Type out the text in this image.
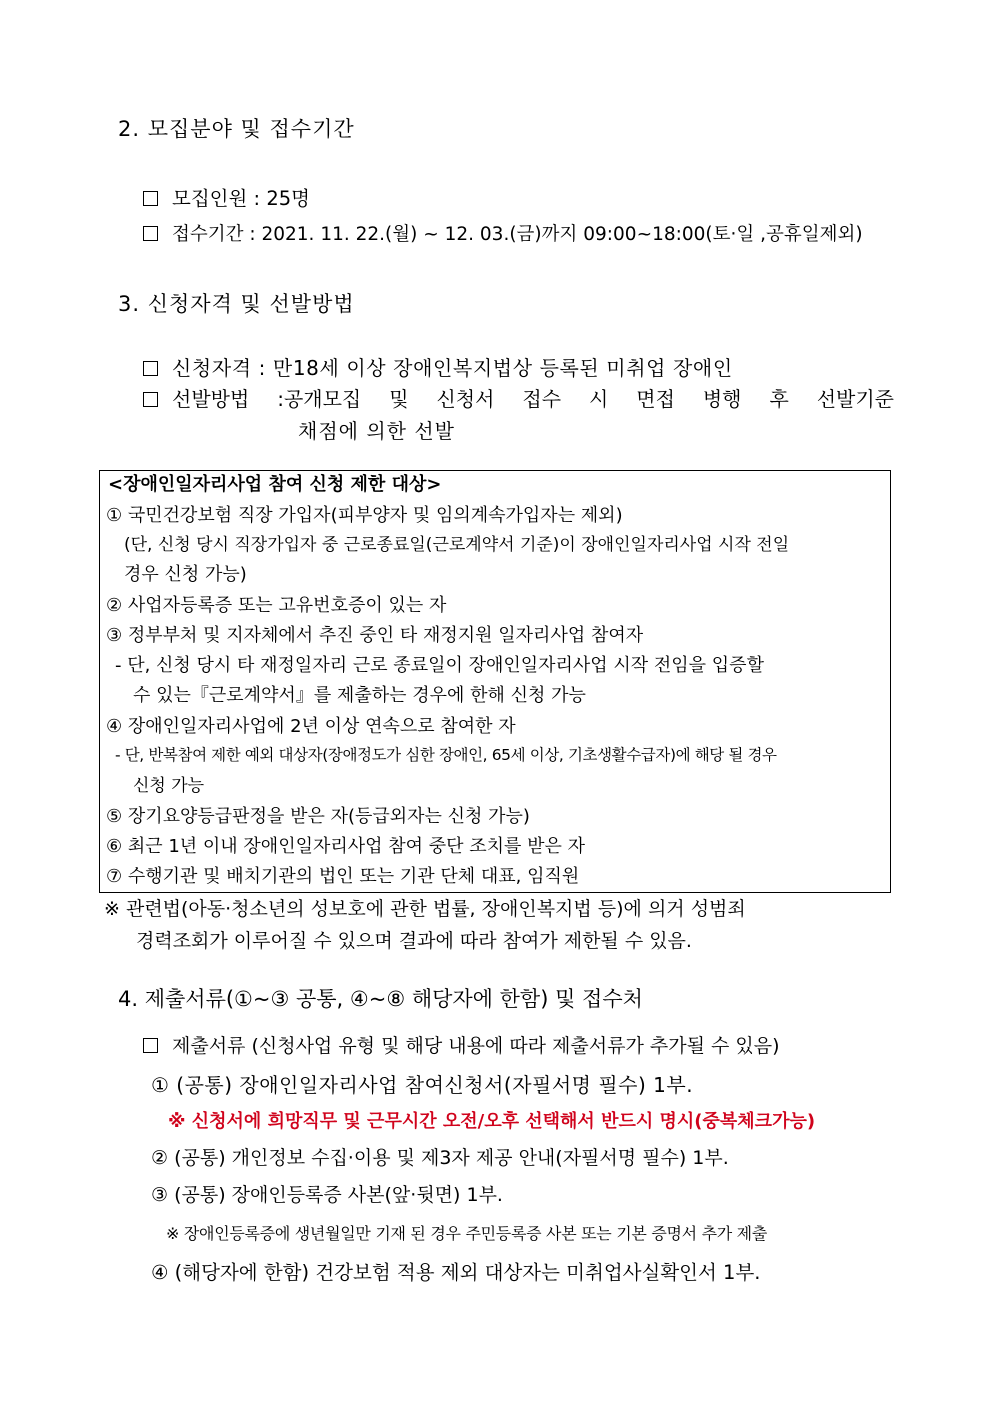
2. 모집분야 및 접수기간
모집인원 : 25명
접수기간 : 2021. 11. 22.(월) ~ 12. 03.(금)까지 09:00~18:00(토·일 ,공휴일제외)
3. 신청자격 및 선발방법
신청자격 : 만18세 이상 장애인복지법상 등록된 미취업 장애인
선발방법 :공개모집 및 신청서 접수 시 면접 병행 후 선발기준
채점에 의한 선발
<장애인일자리사업 참여 신청 제한 대상>
① 국민건강보험 직장 가입자(피부양자 및 임의계속가입자는 제외)
(단, 신청 당시 직장가입자 중 근로종료일(근로계약서 기준)이 장애인일자리사업 시작 전일
경우 신청 가능)
② 사업자등록증 또는 고유번호증이 있는 자
③ 정부부처 및 지자체에서 추진 중인 타 재정지원 일자리사업 참여자
- 단, 신청 당시 타 재정일자리 근로 종료일이 장애인일자리사업 시작 전임을 입증할
수 있는『근로계약서』를 제출하는 경우에 한해 신청 가능
④ 장애인일자리사업에 2년 이상 연속으로 참여한 자
- 단, 반복참여 제한 예외 대상자(장애정도가 심한 장애인, 65세 이상, 기초생활수급자)에 해당 될 경우
신청 가능
⑤ 장기요양등급판정을 받은 자(등급외자는 신청 가능)
⑥ 최근 1년 이내 장애인일자리사업 참여 중단 조치를 받은 자
⑦ 수행기관 및 배치기관의 법인 또는 기관 단체 대표, 임직원
※ 관련법(아동·청소년의 성보호에 관한 법률, 장애인복지법 등)에 의거 성범죄
경력조회가 이루어질 수 있으며 결과에 따라 참여가 제한될 수 있음.
4. 제출서류(①~③ 공통, ④~⑧ 해당자에 한함) 및 접수처
제출서류 (신청사업 유형 및 해당 내용에 따라 제출서류가 추가될 수 있음)
① (공통) 장애인일자리사업 참여신청서(자필서명 필수) 1부.
※ 신청서에 희망직무 및 근무시간 오전/오후 선택해서 반드시 명시(중복체크가능)
② (공통) 개인정보 수집·이용 및 제3자 제공 안내(자필서명 필수) 1부.
③ (공통) 장애인등록증 사본(앞·뒷면) 1부.
※ 장애인등록증에 생년월일만 기재 된 경우 주민등록증 사본 또는 기본 증명서 추가 제출
④ (해당자에 한함) 건강보험 적용 제외 대상자는 미취업사실확인서 1부.
